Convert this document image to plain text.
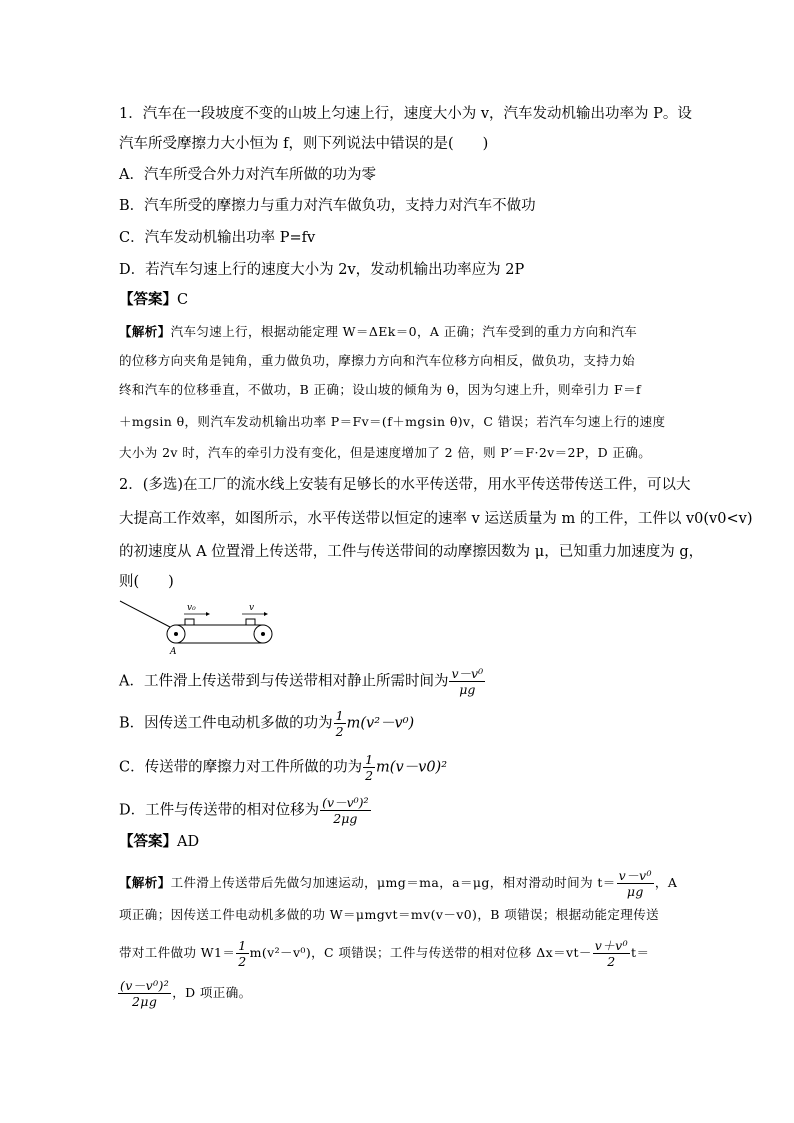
1．汽车在一段坡度不变的山坡上匀速上行，速度大小为 v，汽车发动机输出功率为 P。设
汽车所受摩擦力大小恒为 f，则下列说法中错误的是(　　)
A．汽车所受合外力对汽车所做的功为零
B．汽车所受的摩擦力与重力对汽车做负功，支持力对汽车不做功
C．汽车发动机输出功率 P=fv
D．若汽车匀速上行的速度大小为 2v，发动机输出功率应为 2P
【答案】C
【解析】汽车匀速上行，根据动能定理 W＝ΔEk＝0，A 正确；汽车受到的重力方向和汽车
的位移方向夹角是钝角，重力做负功，摩擦力方向和汽车位移方向相反，做负功，支持力始
终和汽车的位移垂直，不做功，B 正确；设山坡的倾角为 θ，因为匀速上升，则牵引力 F＝f
＋mgsin θ，则汽车发动机输出功率 P＝Fv＝(f＋mgsin θ)v，C 错误；若汽车匀速上行的速度
大小为 2v 时，汽车的牵引力没有变化，但是速度增加了 2 倍，则 P′＝F·2v＝2P，D 正确。
2．(多选)在工厂的流水线上安装有足够长的水平传送带，用水平传送带传送工件，可以大
大提高工作效率，如图所示，水平传送带以恒定的速率 v 运送质量为 m 的工件，工件以 v0(v0<v)
的初速度从 A 位置滑上传送带，工件与传送带间的动摩擦因数为 μ，已知重力加速度为 g，
则(　　)
v₀	v
A
A．工件滑上传送带到与传送带相对静止所需时间为 $\frac{\text{v－v⁰}}{\mu g}$
B．因传送工件电动机多做的功为 $\frac{1}{2} m(v^2-v^0)$
C．传送带的摩擦力对工件所做的功为 $\frac{1}{2} m(v-v0)^2$
D．工件与传送带的相对位移为 $\frac{\text{(v－v⁰)²}}{2\mu g}$
【答案】AD
【解析】工件滑上传送带后先做匀加速运动，μmg＝ma，a＝μg，相对滑动时间为 $t= \frac{\text{v－v⁰}}{\mu g}$ ，A
项正确；因传送工件电动机多做的功 W＝μmgvt＝mv(v－v0)，B 项错误；根据动能定理传送
带对工件做功 $W1= \frac{1}{2} m(v^2-v^0)$，C 项错误；工件与传送带的相对位移 $\Delta x=vt- \frac{\text{v＋v⁰}}{2} t=$
$\frac{\text{(v－v⁰)²}}{2\mu g}$ ，D 项正确。
